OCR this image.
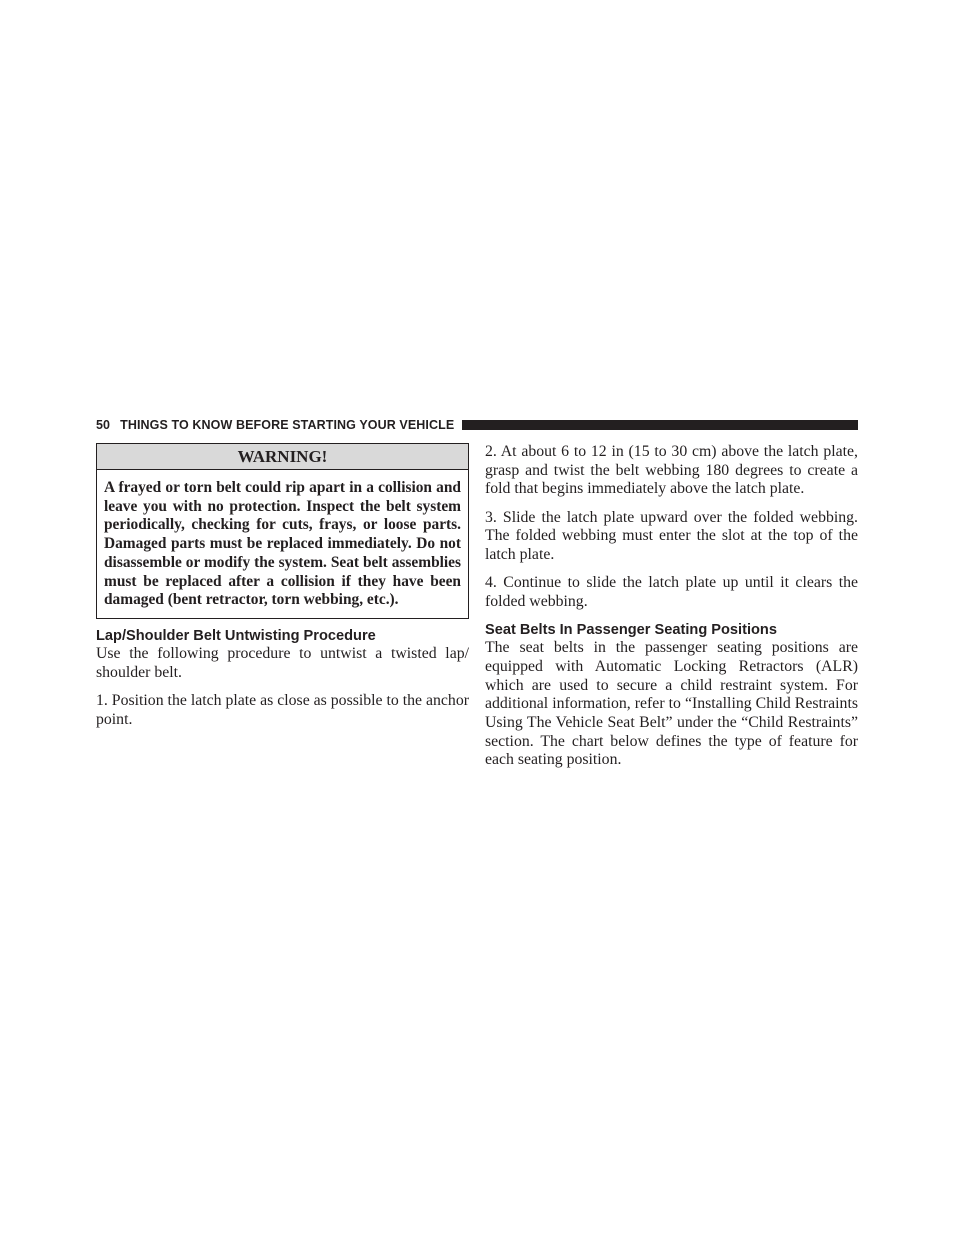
50 THINGS TO KNOW BEFORE STARTING YOUR VEHICLE
WARNING!
A frayed or torn belt could rip apart in a collision and leave you with no protection. Inspect the belt system periodically, checking for cuts, frays, or loose parts. Damaged parts must be replaced immediately. Do not disassemble or modify the system. Seat belt assemblies must be replaced after a collision if they have been damaged (bent retractor, torn webbing, etc.).
Lap/Shoulder Belt Untwisting Procedure

Use the following procedure to untwist a twisted lap/ shoulder belt.

1. Position the latch plate as close as possible to the anchor point.

2. At about 6 to 12 in (15 to 30 cm) above the latch plate, grasp and twist the belt webbing 180 degrees to create a fold that begins immediately above the latch plate.

3. Slide the latch plate upward over the folded webbing. The folded webbing must enter the slot at the top of the latch plate.

4. Continue to slide the latch plate up until it clears the folded webbing.

Seat Belts In Passenger Seating Positions

The seat belts in the passenger seating positions are equipped with Automatic Locking Retractors (ALR) which are used to secure a child restraint system. For additional information, refer to “Installing Child Restraints Using The Vehicle Seat Belt” under the “Child Restraints” section. The chart below defines the type of feature for each seating position.
